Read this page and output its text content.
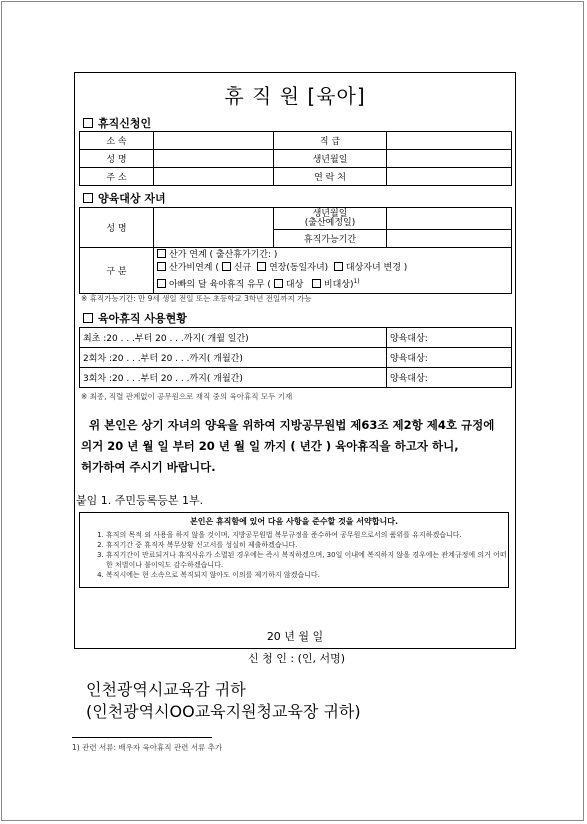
휴 직 원 [육아]
휴직신청인
소 속		직 급	
성 명		생년월일	
주 소		연 락 처	
양육대상 자녀
성 명		생년월일
(출산예정일)	

		휴직가능기간	
구 분	산가 연계 ( 출산휴가기간: )
산가비연계 ( 신규 연장(동일자녀) 대상자녀 변경 )
아빠의 달 육아휴직 유무 ( 대상 비대상)$^{1)}$
※ 휴직가능기간: 만 9세 생일 전일 또는 초등학교 3학년 전일까지 가능
육아휴직 사용현황
최초 :20 . . .부터 20 . . .까지( 개월 일간)	양육대상:
2회차 :20 . . .부터 20 . . .까지( 개월간)	양육대상:
3회차 :20 . . .부터 20 . . .까지( 개월간)	양육대상:
※ 최종, 직렬 관계없이 공무원으로 재직 중의 육아휴직 모두 기재
위 본인은 상기 자녀의 양육을 위하여 지방공무원법 제63조 제2항 제4호 규정에
의거 20 년 월 일 부터 20 년 월 일 까지 ( 년간 ) 육아휴직을 하고자 하니,
허가하여 주시기 바랍니다.
본인은 휴직함에 있어 다음 사항을 준수할 것을 서약합니다.
1. 휴직의 목적 외 사용을 하지 않을 것이며, 지방공무원법 복무규정을 준수하여 공무원으로서의 품위를 유지하겠습니다.
2. 휴직기간 중 휴직자 복무상황 신고서를 성실히 제출하겠습니다.
3. 휴직기간이 만료되거나 휴직사유가 소멸된 경우에는 즉시 복직하겠으며, 30일 이내에 복직하지 않을 경우에는 관계규정에 의거 어떠한 처벌이나 불이익도 감수하겠습니다.
4. 복직시에는 현 소속으로 복직되지 않아도 이의를 제기하지 않겠습니다.
20 년 월 일
붙임 1. 주민등록등본 1부.
신 청 인 : (인, 서명)
인천광역시교육감 귀하
(인천광역시OO교육지원청교육장 귀하)
1) 관련 서류: 배우자 육아휴직 관련 서류 추가
